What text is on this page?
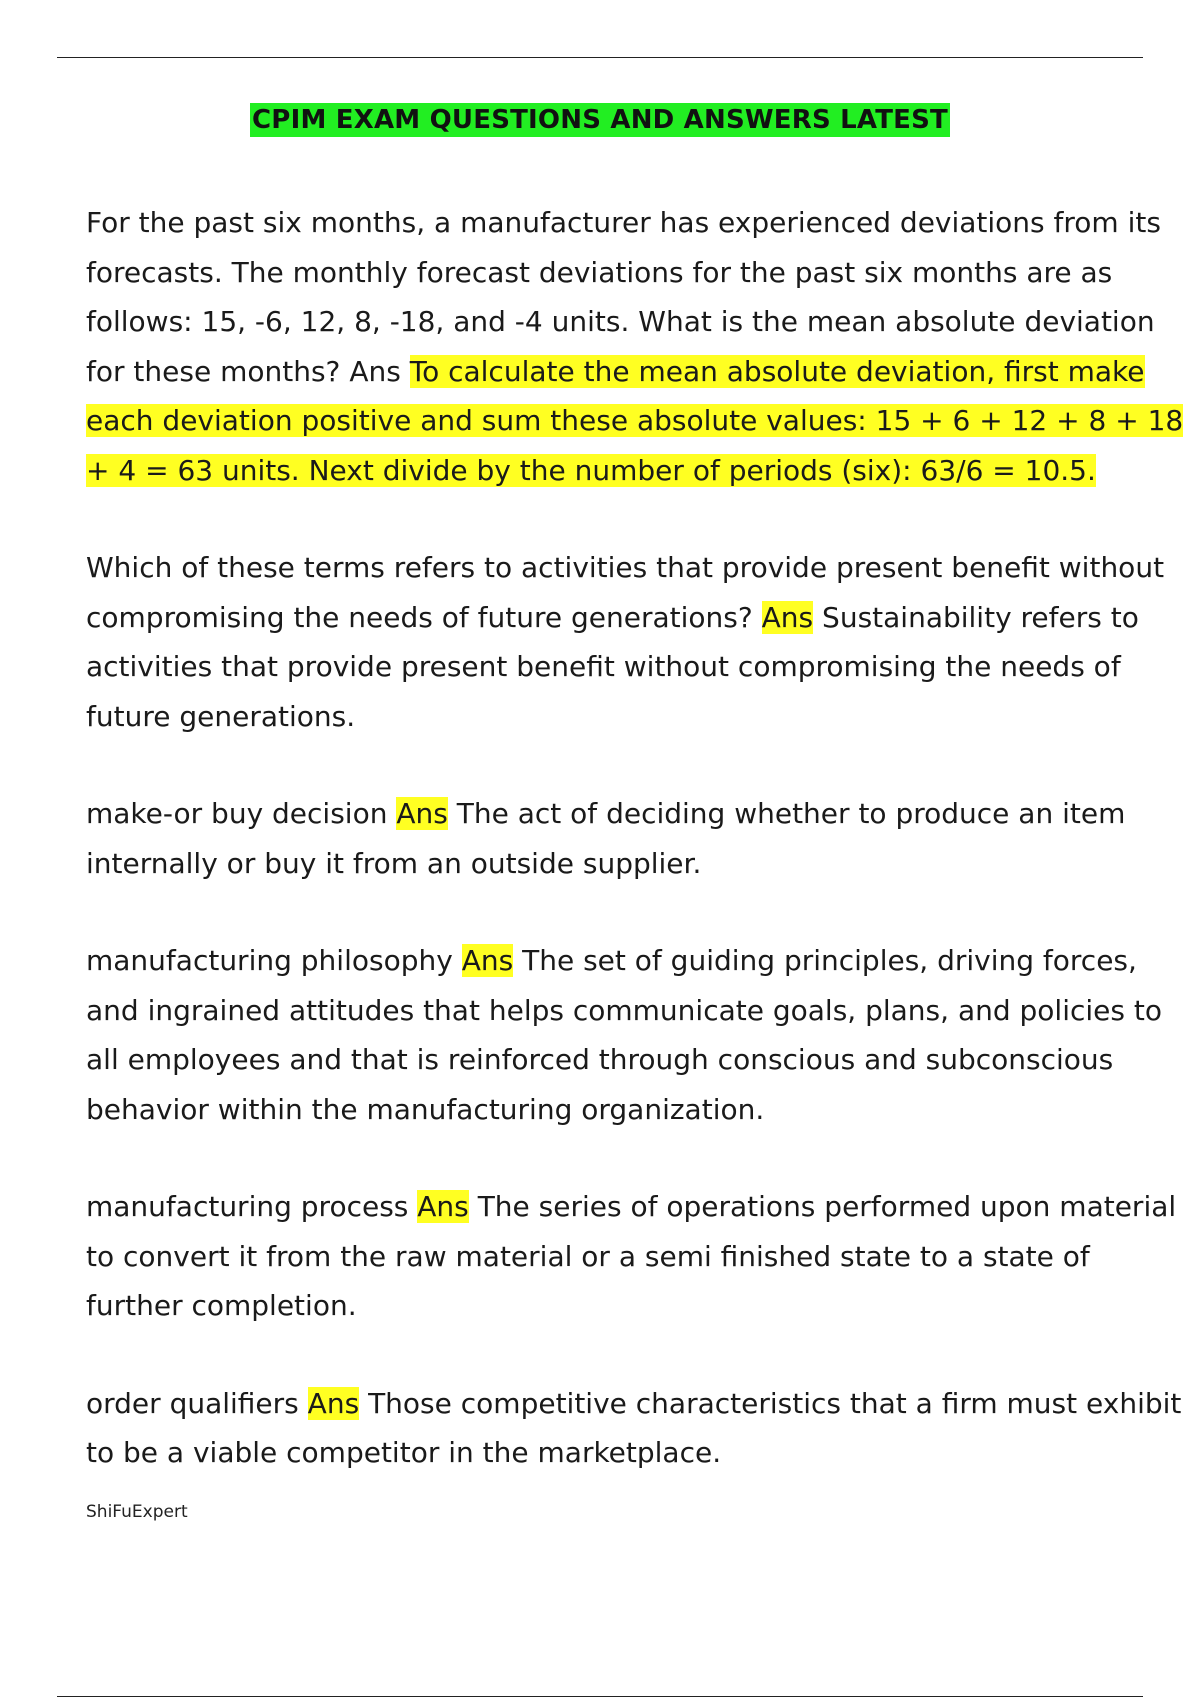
CPIM EXAM QUESTIONS AND ANSWERS LATEST

For the past six months, a manufacturer has experienced deviations from its forecasts. The monthly forecast deviations for the past six months are as follows: 15, -6, 12, 8, -18, and -4 units. What is the mean absolute deviation for these months? Ans To calculate the mean absolute deviation, first make each deviation positive and sum these absolute values: 15 + 6 + 12 + 8 + 18 + 4 = 63 units. Next divide by the number of periods (six): 63/6 = 10.5.

Which of these terms refers to activities that provide present benefit without compromising the needs of future generations? Ans Sustainability refers to activities that provide present benefit without compromising the needs of future generations.

make-or buy decision Ans The act of deciding whether to produce an item internally or buy it from an outside supplier.

manufacturing philosophy Ans The set of guiding principles, driving forces, and ingrained attitudes that helps communicate goals, plans, and policies to all employees and that is reinforced through conscious and subconscious behavior within the manufacturing organization.

manufacturing process Ans The series of operations performed upon material to convert it from the raw material or a semi finished state to a state of further completion.

order qualifiers Ans Those competitive characteristics that a firm must exhibit to be a viable competitor in the marketplace.

ShiFuExpert
